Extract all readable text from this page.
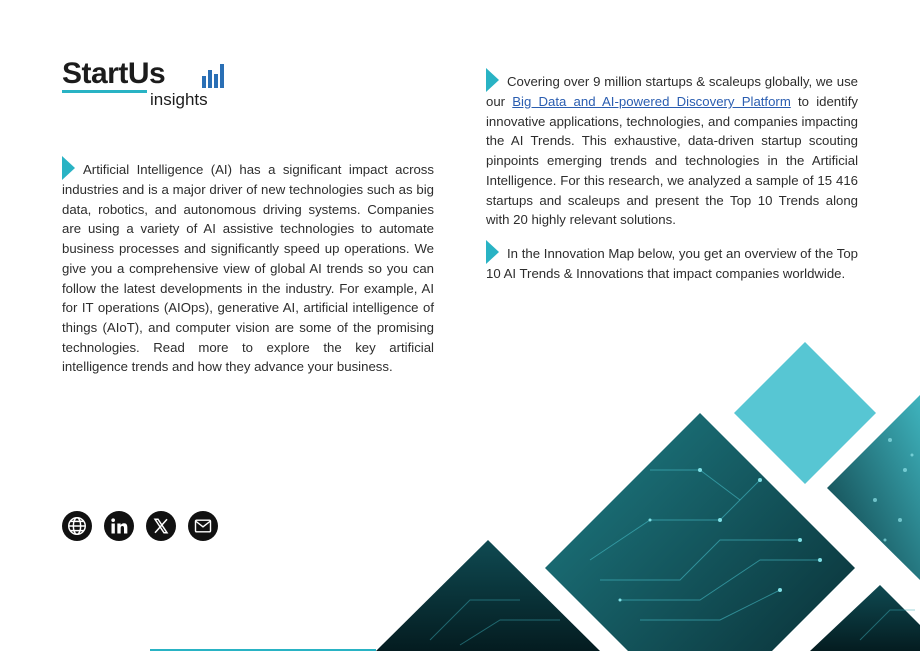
StartUs
insights

Artificial Intelligence (AI) has a significant impact across industries and is a major driver of new technologies such as big data, robotics, and autonomous driving systems. Companies are using a variety of AI assistive technologies to automate business processes and significantly speed up operations. We give you a comprehensive view of global AI trends so you can follow the latest developments in the industry. For example, AI for IT operations (AIOps), generative AI, artificial intelligence of things (AIoT), and computer vision are some of the promising technologies. Read more to explore the key artificial intelligence trends and how they advance your business.

Covering over 9 million startups & scaleups globally, we use our Big Data and AI-powered Discovery Platform to identify innovative applications, technologies, and companies impacting the AI Trends. This exhaustive, data-driven startup scouting pinpoints emerging trends and technologies in the Artificial Intelligence. For this research, we analyzed a sample of 15 416 startups and scaleups and present the Top 10 Trends along with 20 highly relevant solutions.

In the Innovation Map below, you get an overview of the Top 10 AI Trends & Innovations that impact companies worldwide.
